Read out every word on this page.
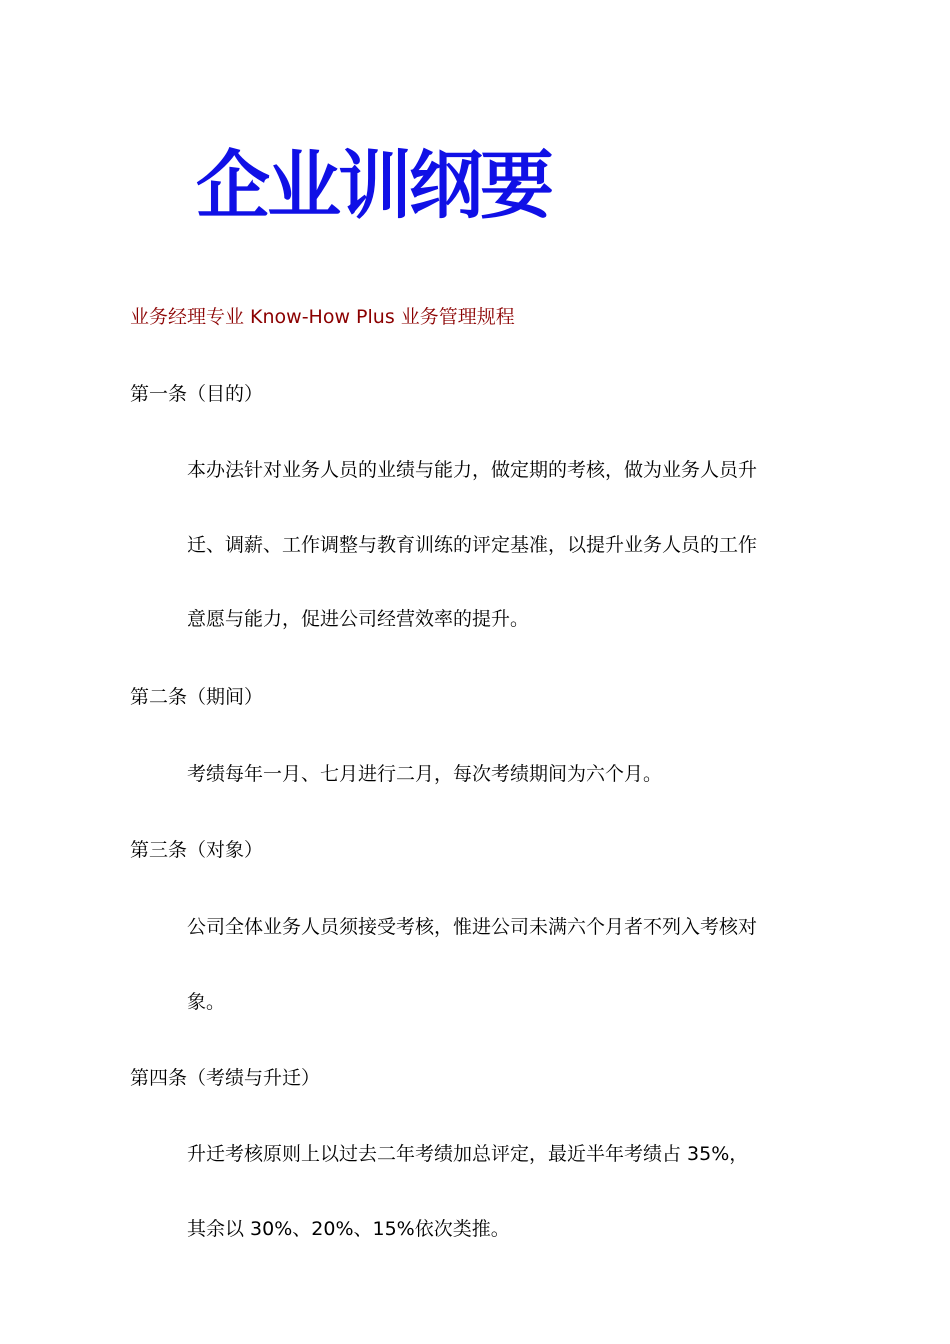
企业训纲要
业务经理专业 Know-How Plus 业务管理规程
第一条（目的）
本办法针对业务人员的业绩与能力，做定期的考核，做为业务人员升
迁、调薪、工作调整与教育训练的评定基准，以提升业务人员的工作
意愿与能力，促进公司经营效率的提升。
第二条（期间）
考绩每年一月、七月进行二月，每次考绩期间为六个月。
第三条（对象）
公司全体业务人员须接受考核，惟进公司未满六个月者不列入考核对
象。
第四条（考绩与升迁）
升迁考核原则上以过去二年考绩加总评定，最近半年考绩占 35%，
其余以 30%、20%、15%依次类推。
